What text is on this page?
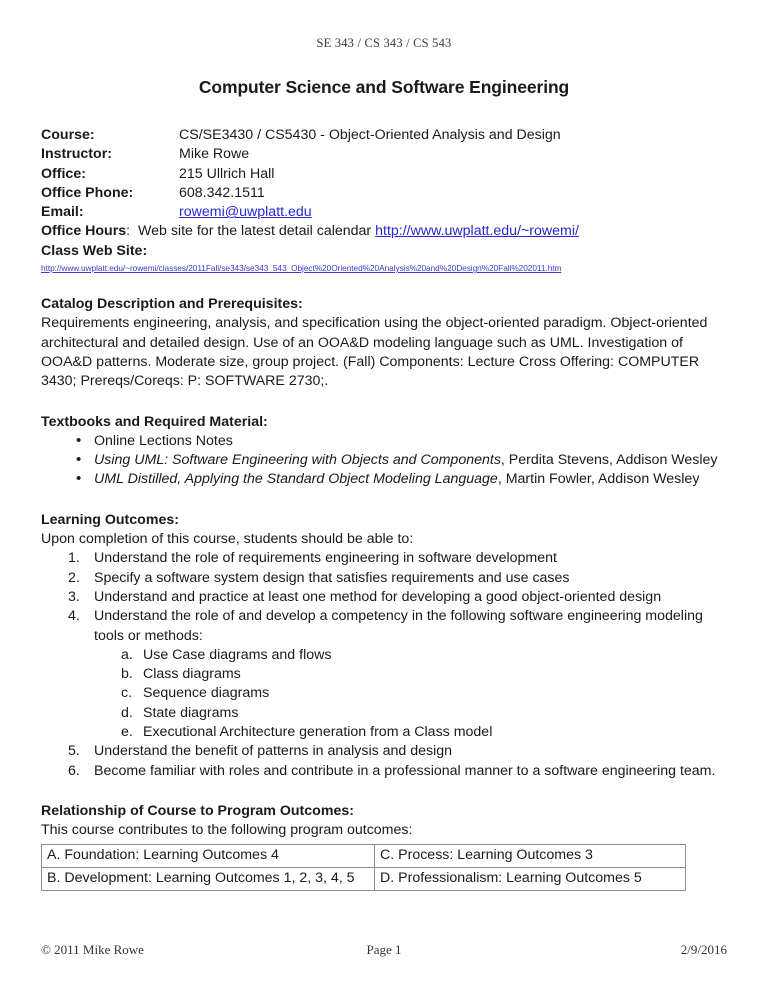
SE 343 / CS 343 / CS 543
Computer Science and Software Engineering
Course:	CS/SE3430 / CS5430 - Object-Oriented Analysis and Design
Instructor:	Mike Rowe
Office:	215 Ullrich Hall
Office Phone:	608.342.1511
Email:	rowemi@uwplatt.edu
Office Hours: Web site for the latest detail calendar http://www.uwplatt.edu/~rowemi/
Class Web Site:
http://www.uwplatt.edu/~rowemi/classes/2011Fall/se343/se343_543_Object%20Oriented%20Analysis%20and%20Design%20Fall%202011.htm
Catalog Description and Prerequisites:
Requirements engineering, analysis, and specification using the object-oriented paradigm. Object-oriented architectural and detailed design. Use of an OOA&D modeling language such as UML. Investigation of OOA&D patterns. Moderate size, group project. (Fall) Components: Lecture Cross Offering: COMPUTER 3430; Prereqs/Coreqs: P: SOFTWARE 2730;.
Textbooks and Required Material:
• Online Lections Notes
• Using UML: Software Engineering with Objects and Components, Perdita Stevens, Addison Wesley
• UML Distilled, Applying the Standard Object Modeling Language, Martin Fowler, Addison Wesley
Learning Outcomes:
Upon completion of this course, students should be able to:
Understand the role of requirements engineering in software development
Specify a software system design that satisfies requirements and use cases
Understand and practice at least one method for developing a good object-oriented design
Understand the role of and develop a competency in the following software engineering modeling tools or methods:
Use Case diagrams and flows
Class diagrams
Sequence diagrams
State diagrams
Executional Architecture generation from a Class model
Understand the benefit of patterns in analysis and design
Become familiar with roles and contribute in a professional manner to a software engineering team.
Relationship of Course to Program Outcomes:
This course contributes to the following program outcomes:
A. Foundation: Learning Outcomes 4	C. Process: Learning Outcomes 3
B. Development: Learning Outcomes 1, 2, 3, 4, 5	D. Professionalism: Learning Outcomes 5
© 2011 Mike Rowe	Page 1	2/9/2016
